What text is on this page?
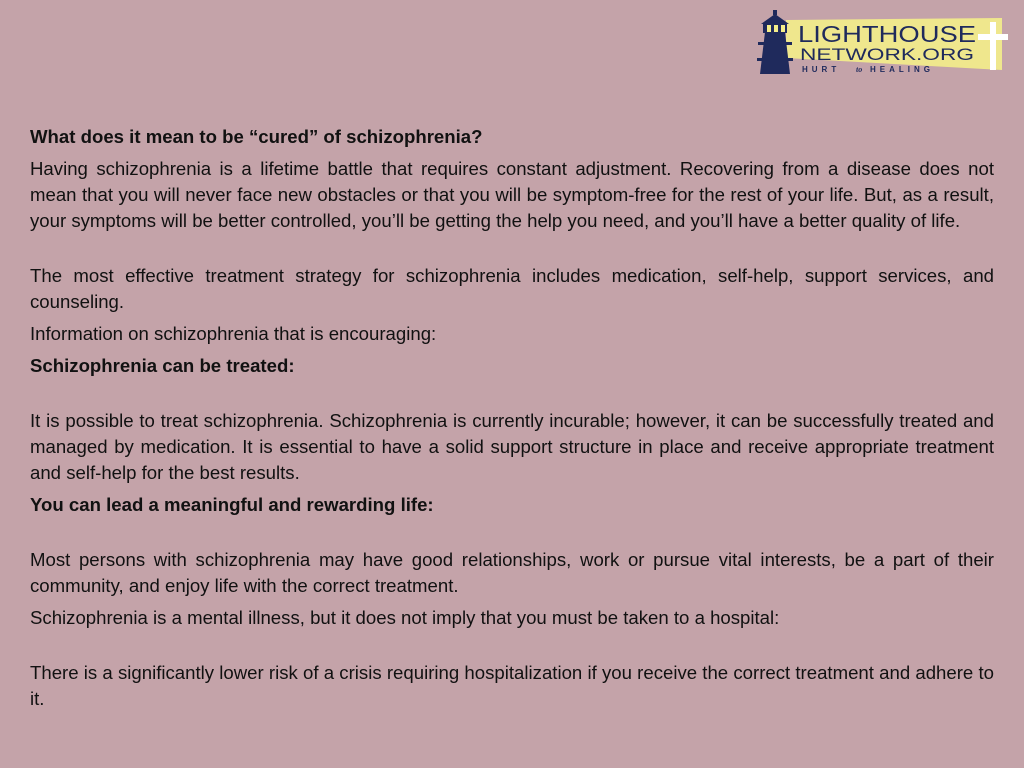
LIGHTHOUSE
NETWORK.ORG
HURT to HEALING

What does it mean to be “cured” of schizophrenia?

Having schizophrenia is a lifetime battle that requires constant adjustment. Recovering from a disease does not mean that you will never face new obstacles or that you will be symptom-free for the rest of your life. But, as a result, your symptoms will be better controlled, you’ll be getting the help you need, and you’ll have a better quality of life.

The most effective treatment strategy for schizophrenia includes medication, self-help, support services, and counseling.

Information on schizophrenia that is encouraging:

Schizophrenia can be treated:

It is possible to treat schizophrenia. Schizophrenia is currently incurable; however, it can be successfully treated and managed by medication. It is essential to have a solid support structure in place and receive appropriate treatment and self-help for the best results.

You can lead a meaningful and rewarding life:

Most persons with schizophrenia may have good relationships, work or pursue vital interests, be a part of their community, and enjoy life with the correct treatment.

Schizophrenia is a mental illness, but it does not imply that you must be taken to a hospital:

There is a significantly lower risk of a crisis requiring hospitalization if you receive the correct treatment and adhere to it.
